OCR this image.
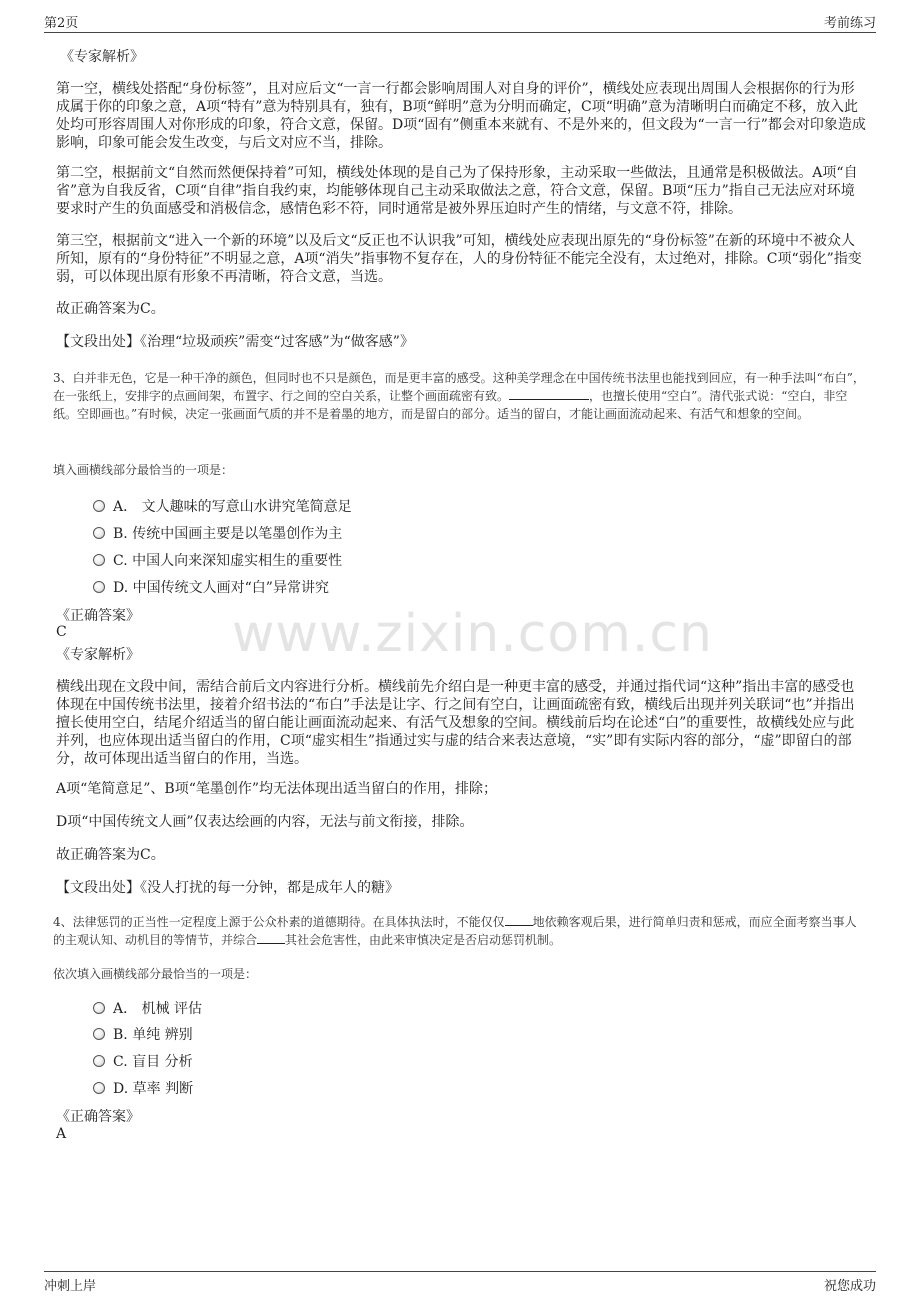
第2页	考前练习
www.zixin.com.cn
《专家解析》
第一空，横线处搭配“身份标签”，且对应后文“一言一行都会影响周围人对自身的评价”，横线处应表现出周围人会根据你的行为形成属于你的印象之意，A项“特有”意为特别具有，独有，B项“鲜明”意为分明而确定，C项“明确”意为清晰明白而确定不移，放入此处均可形容周围人对你形成的印象，符合文意，保留。D项“固有”侧重本来就有、不是外来的，但文段为“一言一行”都会对印象造成影响，印象可能会发生改变，与后文对应不当，排除。
第二空，根据前文“自然而然便保持着”可知，横线处体现的是自己为了保持形象，主动采取一些做法，且通常是积极做法。A项“自省”意为自我反省，C项“自律”指自我约束，均能够体现自己主动采取做法之意，符合文意，保留。B项“压力”指自己无法应对环境要求时产生的负面感受和消极信念，感情色彩不符，同时通常是被外界压迫时产生的情绪，与文意不符，排除。
第三空，根据前文“进入一个新的环境”以及后文“反正也不认识我”可知，横线处应表现出原先的“身份标签”在新的环境中不被众人所知，原有的“身份特征”不明显之意，A项“消失”指事物不复存在，人的身份特征不能完全没有，太过绝对，排除。C项“弱化”指变弱，可以体现出原有形象不再清晰，符合文意，当选。
故正确答案为C。
【文段出处】《治理“垃圾顽疾”需变“过客感”为“做客感”》
3、白并非无色，它是一种干净的颜色，但同时也不只是颜色，而是更丰富的感受。这种美学理念在中国传统书法里也能找到回应，有一种手法叫“布白”，在一张纸上，安排字的点画间架，布置字、行之间的空白关系，让整个画面疏密有致。	，也擅长使用“空白”。清代张式说：“空白，非空纸。空即画也。”有时候，决定一张画面气质的并不是着墨的地方，而是留白的部分。适当的留白，才能让画面流动起来、有活气和想象的空间。
填入画横线部分最恰当的一项是：
A． 文人趣味的写意山水讲究笔简意足
B. 传统中国画主要是以笔墨创作为主
C. 中国人向来深知虚实相生的重要性
D. 中国传统文人画对“白”异常讲究
《正确答案》
C
《专家解析》
横线出现在文段中间，需结合前后文内容进行分析。横线前先介绍白是一种更丰富的感受，并通过指代词“这种”指出丰富的感受也体现在中国传统书法里，接着介绍书法的“布白”手法是让字、行之间有空白，让画面疏密有致，横线后出现并列关联词“也”并指出擅长使用空白，结尾介绍适当的留白能让画面流动起来、有活气及想象的空间。横线前后均在论述“白”的重要性，故横线处应与此并列，也应体现出适当留白的作用，C项“虚实相生”指通过实与虚的结合来表达意境，“实”即有实际内容的部分，“虚”即留白的部分，故可体现出适当留白的作用，当选。
A项“笔简意足”、B项“笔墨创作”均无法体现出适当留白的作用，排除；
D项“中国传统文人画”仅表达绘画的内容，无法与前文衔接，排除。
故正确答案为C。
【文段出处】《没人打扰的每一分钟，都是成年人的糖》
4、法律惩罚的正当性一定程度上源于公众朴素的道德期待。在具体执法时，不能仅仅 地依赖客观后果，进行简单归责和惩戒，而应全面考察当事人的主观认知、动机目的等情节，并综合 其社会危害性，由此来审慎决定是否启动惩罚机制。
依次填入画横线部分最恰当的一项是：
A． 机械 评估
B. 单纯 辨别
C. 盲目 分析
D. 草率 判断
《正确答案》
A
冲刺上岸	祝您成功
